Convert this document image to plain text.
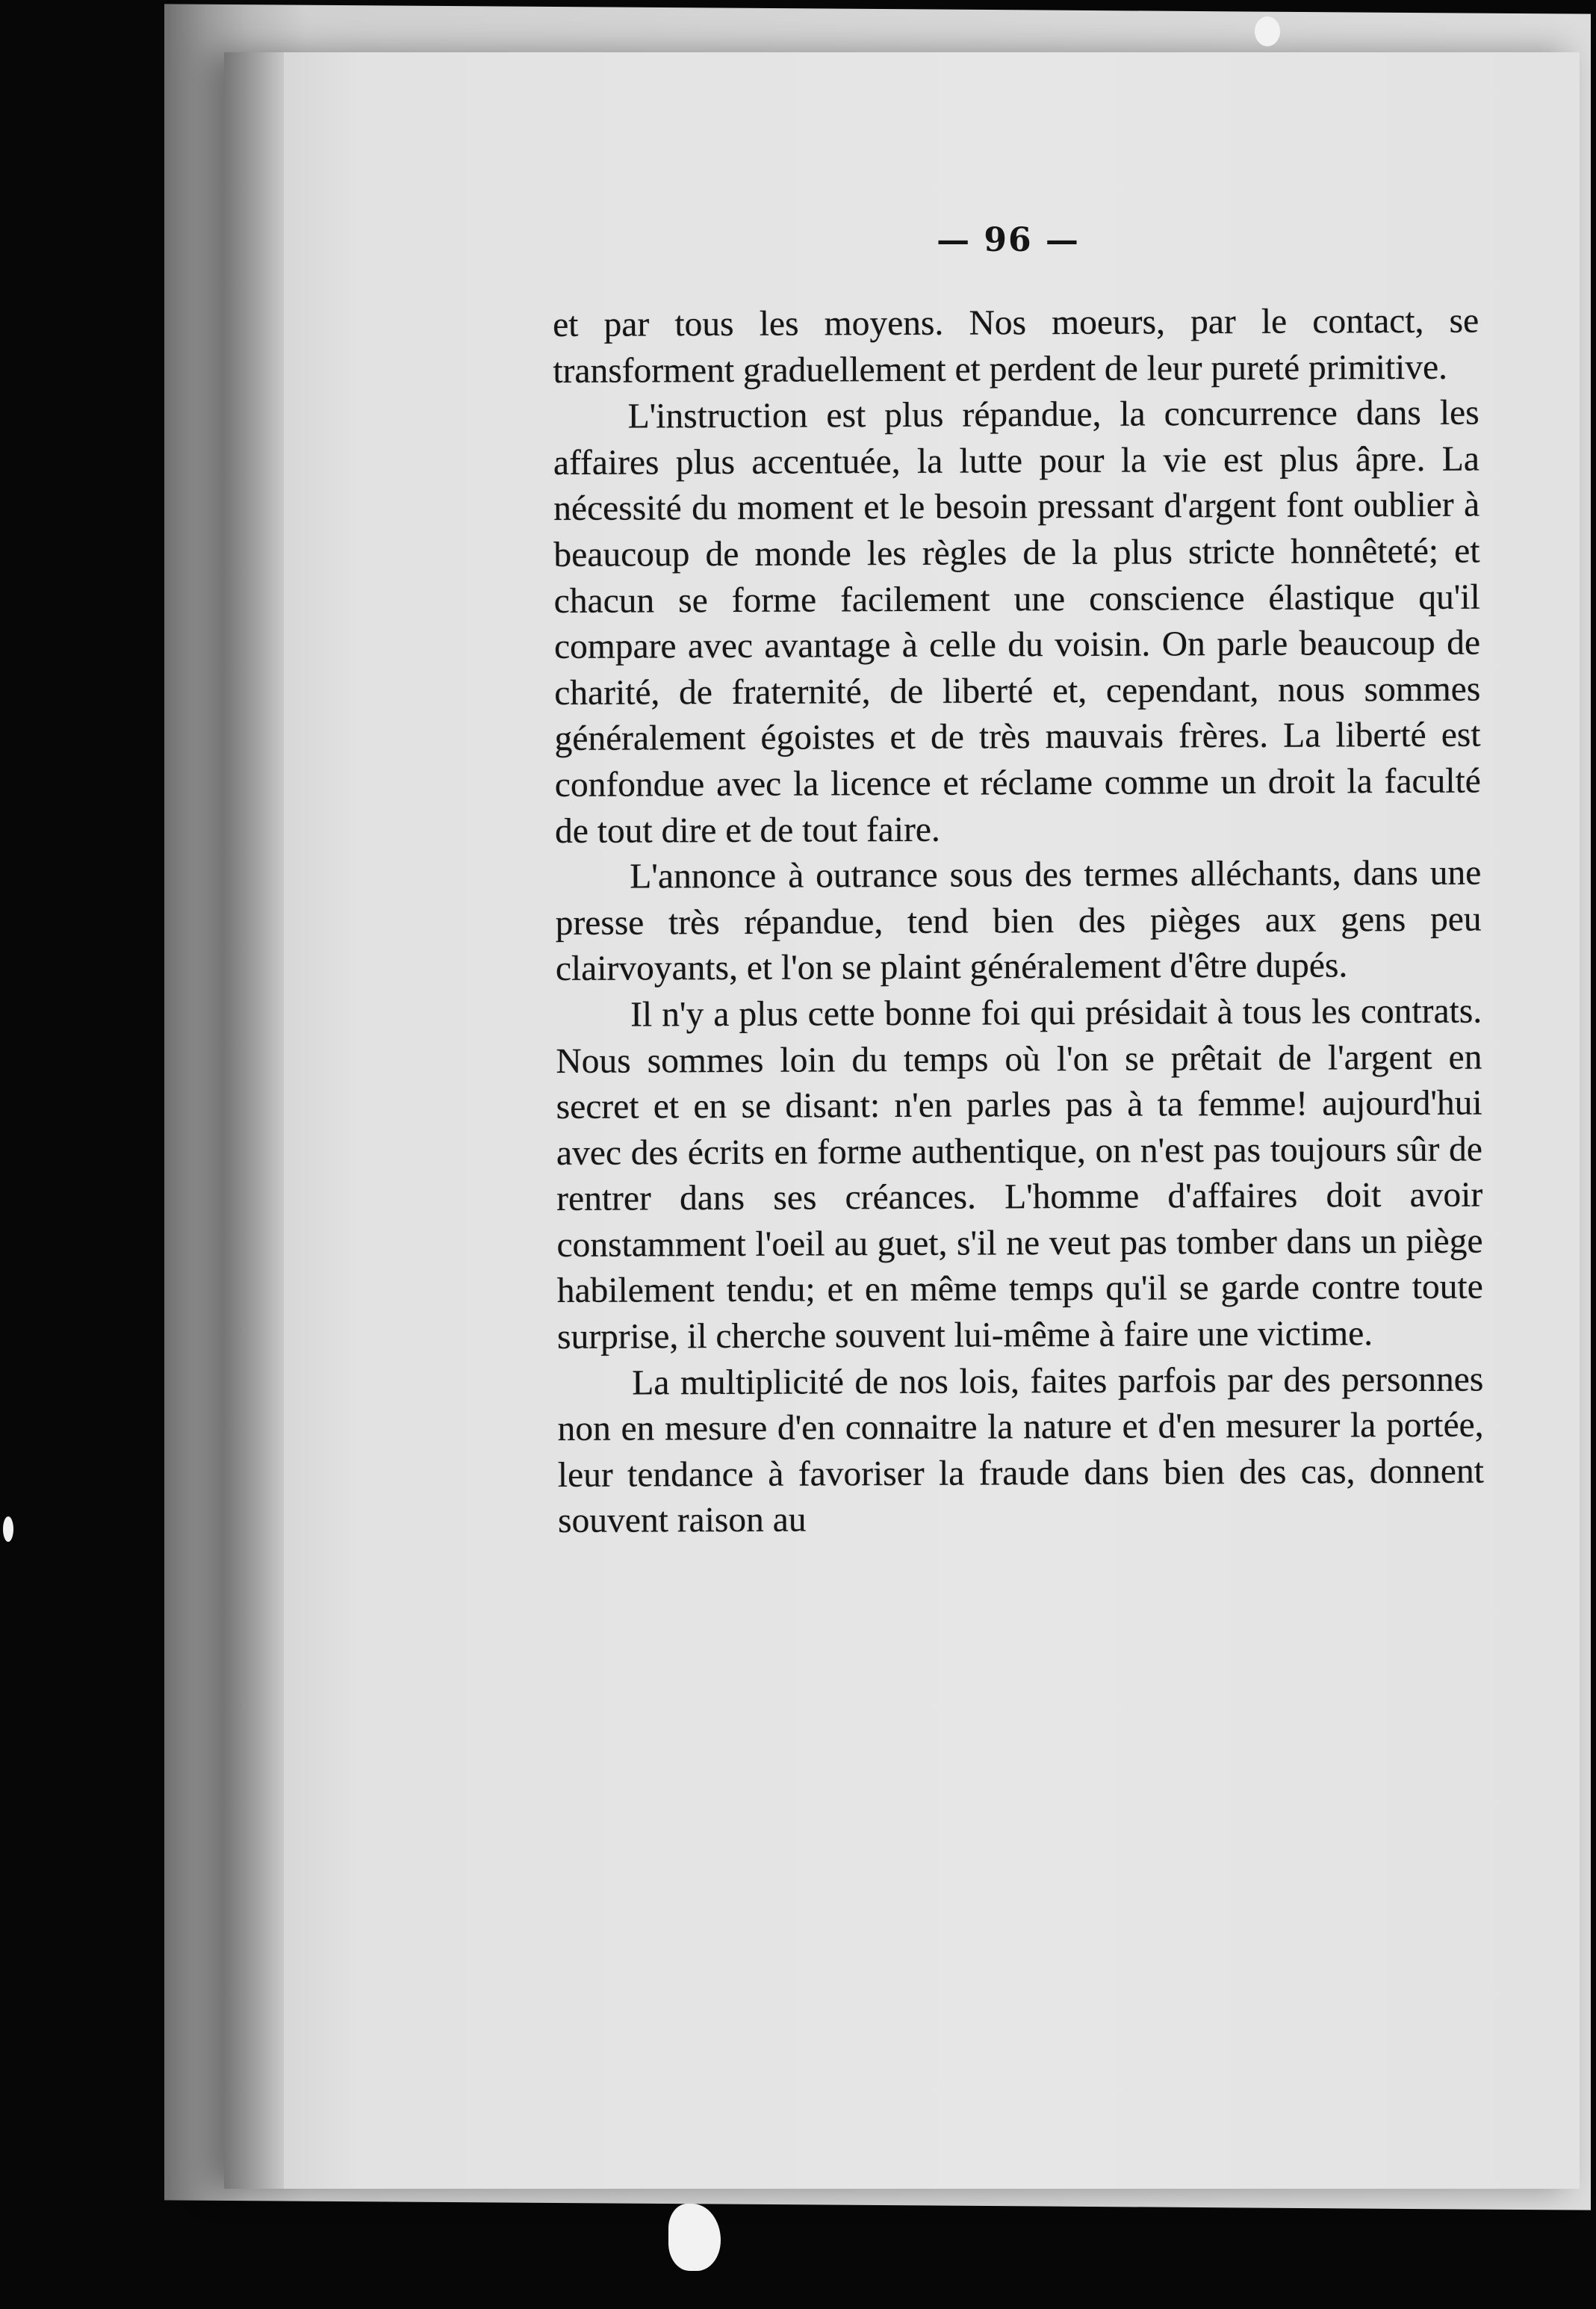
— 96 —

et par tous les moyens. Nos moeurs, par le contact, se transforment graduellement et perdent de leur pureté primitive.

L'instruction est plus répandue, la concurrence dans les affaires plus accentuée, la lutte pour la vie est plus âpre. La nécessité du moment et le besoin pressant d'argent font oublier à beaucoup de monde les règles de la plus stricte honnêteté; et chacun se forme facilement une conscience élastique qu'il compare avec avantage à celle du voisin. On parle beaucoup de charité, de fraternité, de liberté et, cependant, nous sommes généralement égoistes et de très mauvais frères. La liberté est confondue avec la licence et réclame comme un droit la faculté de tout dire et de tout faire.

L'annonce à outrance sous des termes alléchants, dans une presse très répandue, tend bien des pièges aux gens peu clairvoyants, et l'on se plaint généralement d'être dupés.

Il n'y a plus cette bonne foi qui présidait à tous les contrats. Nous sommes loin du temps où l'on se prêtait de l'argent en secret et en se disant: n'en parles pas à ta femme! aujourd'hui avec des écrits en forme authentique, on n'est pas toujours sûr de rentrer dans ses créances. L'homme d'affaires doit avoir constamment l'oeil au guet, s'il ne veut pas tomber dans un piège habilement tendu; et en même temps qu'il se garde contre toute surprise, il cherche souvent lui-même à faire une victime.

La multiplicité de nos lois, faites parfois par des personnes non en mesure d'en connaitre la nature et d'en mesurer la portée, leur tendance à favoriser la fraude dans bien des cas, donnent souvent raison au
